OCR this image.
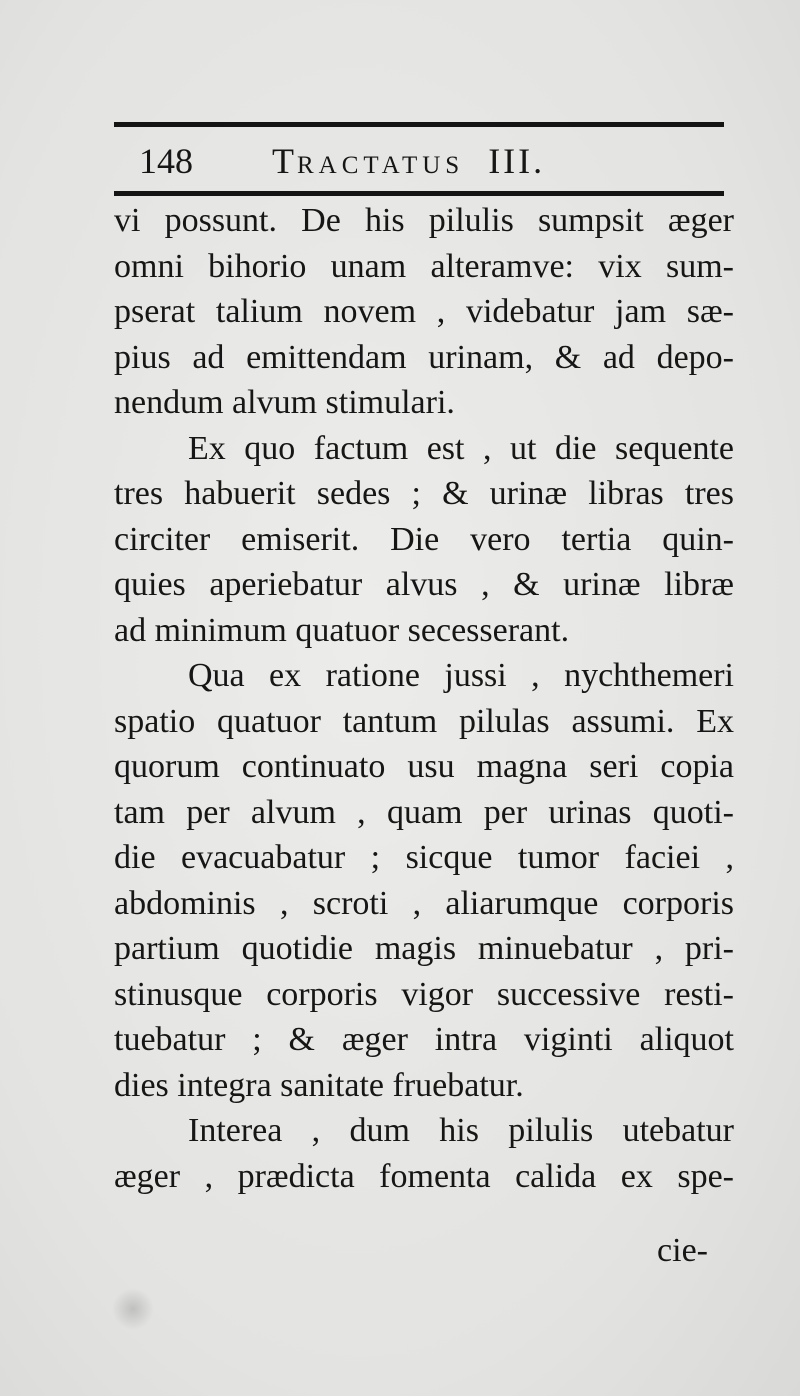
148 TRACTATUS III.
vi possunt. De his pilulis sumpsit æger
omni bihorio unam alteramve: vix sum-
pserat talium novem , videbatur jam sæ-
pius ad emittendam urinam, & ad depo-
nendum alvum stimulari.
Ex quo factum est , ut die sequente
tres habuerit sedes ; & urinæ libras tres
circiter emiserit. Die vero tertia quin-
quies aperiebatur alvus , & urinæ libræ
ad minimum quatuor secesserant.
Qua ex ratione jussi , nychthemeri
spatio quatuor tantum pilulas assumi. Ex
quorum continuato usu magna seri copia
tam per alvum , quam per urinas quoti-
die evacuabatur ; sicque tumor faciei ,
abdominis , scroti , aliarumque corporis
partium quotidie magis minuebatur , pri-
stinusque corporis vigor successive resti-
tuebatur ; & æger intra viginti aliquot
dies integra sanitate fruebatur.
Interea , dum his pilulis utebatur
æger , prædicta fomenta calida ex spe-
cie-
